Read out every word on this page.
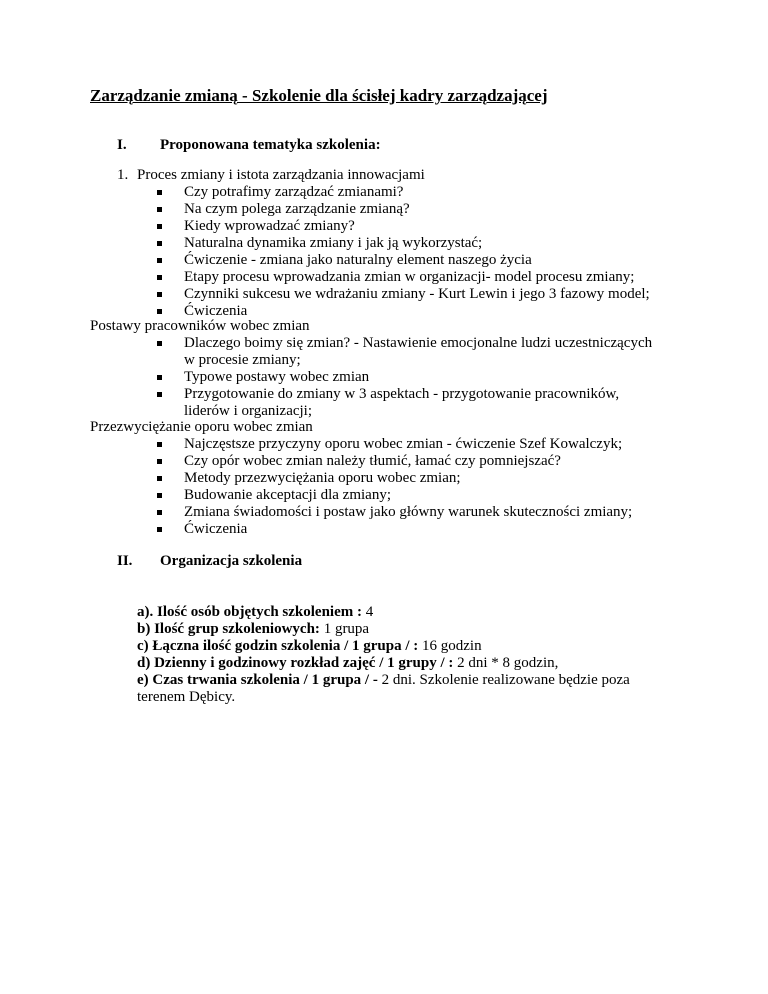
Zarządzanie zmianą - Szkolenie dla ścisłej kadry zarządzającej
I. Proponowana tematyka szkolenia:
1. Proces zmiany i istota zarządzania innowacjami
Czy potrafimy zarządzać zmianami?
Na czym polega zarządzanie zmianą?
Kiedy wprowadzać zmiany?
Naturalna dynamika zmiany i jak ją wykorzystać;
Ćwiczenie - zmiana jako naturalny element naszego życia
Etapy procesu wprowadzania zmian w organizacji- model procesu zmiany;
Czynniki sukcesu we wdrażaniu zmiany - Kurt Lewin i jego 3 fazowy model;
Ćwiczenia
Postawy pracowników wobec zmian
Dlaczego boimy się zmian? - Nastawienie emocjonalne ludzi uczestniczących
w procesie zmiany;
Typowe postawy wobec zmian
Przygotowanie do zmiany w 3 aspektach - przygotowanie pracowników,
liderów i organizacji;
Przezwyciężanie oporu wobec zmian
Najczęstsze przyczyny oporu wobec zmian - ćwiczenie Szef Kowalczyk;
Czy opór wobec zmian należy tłumić, łamać czy pomniejszać?
Metody przezwyciężania oporu wobec zmian;
Budowanie akceptacji dla zmiany;
Zmiana świadomości i postaw jako główny warunek skuteczności zmiany;
Ćwiczenia
II. Organizacja szkolenia
a). Ilość osób objętych szkoleniem : 4
b) Ilość grup szkoleniowych: 1 grupa
c) Łączna ilość godzin szkolenia / 1 grupa / : 16 godzin
d) Dzienny i godzinowy rozkład zajęć / 1 grupy / : 2 dni * 8 godzin,
e) Czas trwania szkolenia / 1 grupa / - 2 dni. Szkolenie realizowane będzie poza
terenem Dębicy.
